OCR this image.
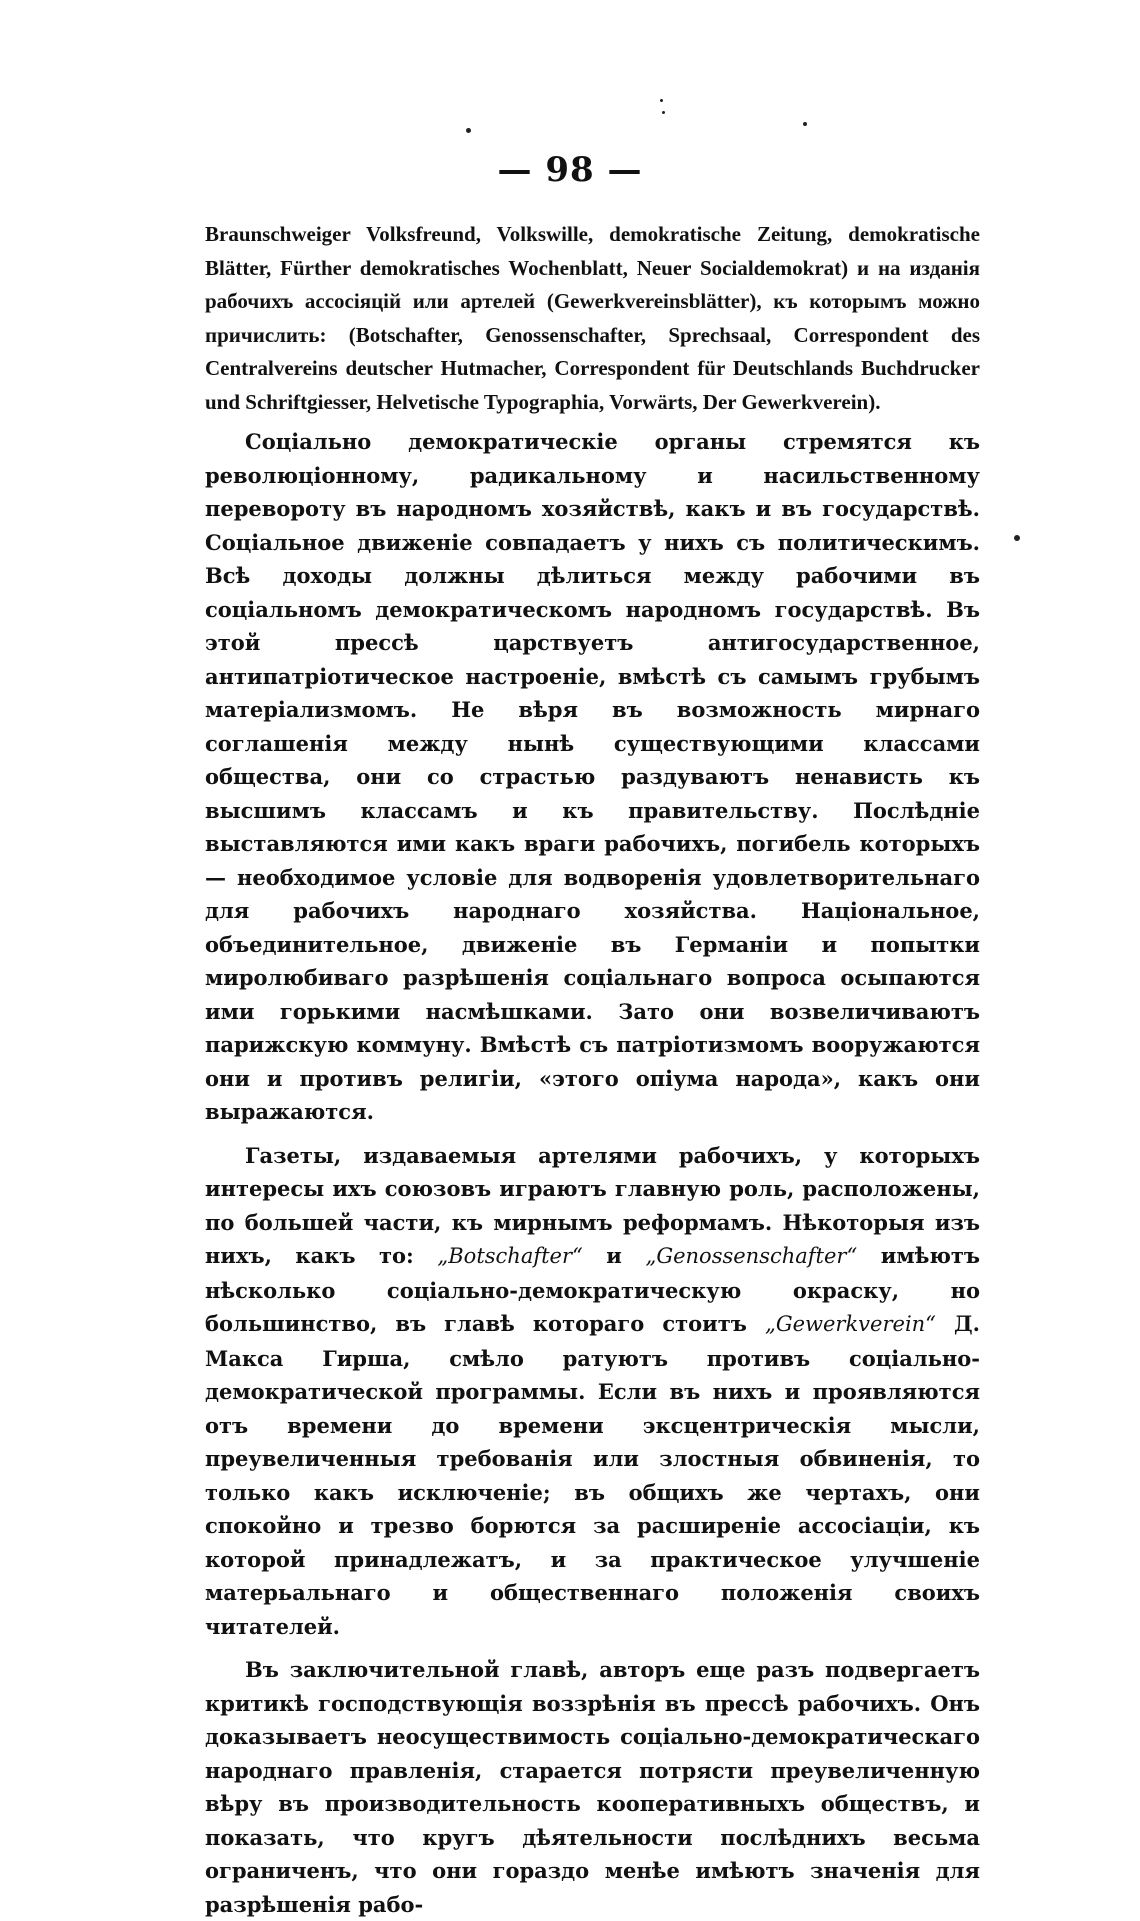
— 98 —

Braunschweiger Volksfreund, Volkswille, demokratische Zeitung, demokratische Blätter, Fürther demokratisches Wochenblatt, Neuer Socialdemokrat) и на изданія рабочихъ ассосіяцій или артелей (Gewerkvereinsblätter), къ которымъ можно причислить: (Botschafter, Genossenschafter, Sprechsaal, Correspondent des Centralvereins deutscher Hutmacher, Correspondent für Deutschlands Buchdrucker und Schriftgiesser, Helvetische Typographia, Vorwärts, Der Gewerkverein).

Соціально демократическіе органы стремятся къ революціонному, радикальному и насильственному перевороту въ народномъ хозяйствѣ, какъ и въ государствѣ. Соціальное движеніе совпадаетъ у нихъ съ политическимъ. Всѣ доходы должны дѣлиться между рабочими въ соціальномъ демократическомъ народномъ государствѣ. Въ этой прессѣ царствуетъ антигосударственное, антипатріотическое настроеніе, вмѣстѣ съ самымъ грубымъ матеріализмомъ. Не вѣря въ возможность мирнаго соглашенія между нынѣ существующими классами общества, они со страстью раздуваютъ ненависть къ высшимъ классамъ и къ правительству. Послѣдніе выставляются ими какъ враги рабочихъ, погибель которыхъ — необходимое условіе для водворенія удовлетворительнаго для рабочихъ народнаго хозяйства. Національное, объединительное, движеніе въ Германіи и попытки миролюбиваго разрѣшенія соціальнаго вопроса осыпаются ими горькими насмѣшками. Зато они возвеличиваютъ парижскую коммуну. Вмѣстѣ съ патріотизмомъ вооружаются они и противъ религіи, «этого опіума народа», какъ они выражаются.

Газеты, издаваемыя артелями рабочихъ, у которыхъ интересы ихъ союзовъ играютъ главную роль, расположены, по большей части, къ мирнымъ реформамъ. Нѣкоторыя изъ нихъ, какъ то: „Botschafter“ и „Genossenschafter“ имѣютъ нѣсколько соціально-демократическую окраску, но большинство, въ главѣ котораго стоитъ „Gewerkverein“ Д. Макса Гирша, смѣло ратуютъ противъ соціально-демократической программы. Если въ нихъ и проявляются отъ времени до времени эксцентрическія мысли, преувеличенныя требованія или злостныя обвиненія, то только какъ исключеніе; въ общихъ же чертахъ, они спокойно и трезво борются за расширеніе ассосіаціи, къ которой принадлежатъ, и за практическое улучшеніе матерьальнаго и общественнаго положенія своихъ читателей.

Въ заключительной главѣ, авторъ еще разъ подвергаетъ критикѣ господствующія воззрѣнія въ прессѣ рабочихъ. Онъ доказываетъ неосуществимость соціально-демократическаго народнаго правленія, старается потрясти преувеличенную вѣру въ производительность кооперативныхъ обществъ, и показать, что кругъ дѣятельности послѣднихъ весьма ограниченъ, что они гораздо менѣе имѣютъ значенія для разрѣшенія рабо-
